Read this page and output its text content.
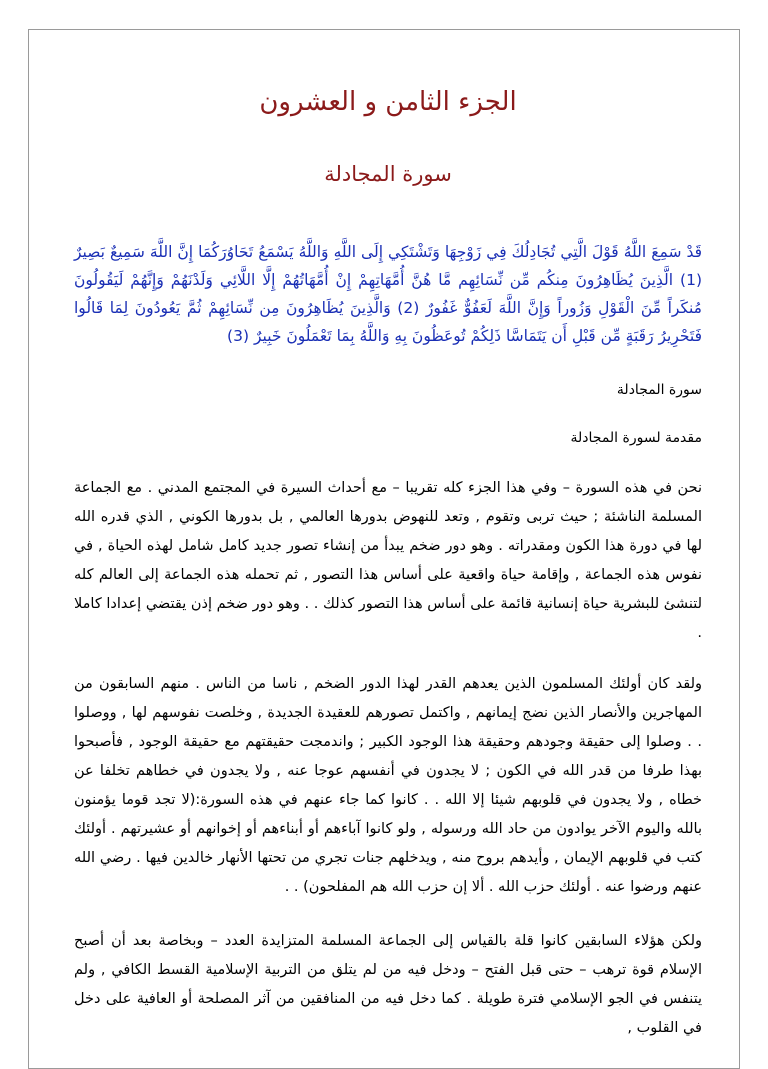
الجزء الثامن و العشرون
سورة المجادلة

قَدْ سَمِعَ اللَّهُ قَوْلَ الَّتِي تُجَادِلُكَ فِي زَوْجِهَا وَتَشْتَكِي إِلَى اللَّهِ وَاللَّهُ يَسْمَعُ تَحَاوُرَكُمَا إِنَّ اللَّهَ سَمِيعٌ بَصِيرٌ (1) الَّذِينَ يُظَاهِرُونَ مِنكُم مِّن نِّسَائِهِم مَّا هُنَّ أُمَّهَاتِهِمْ إِنْ أُمَّهَاتُهُمْ إِلَّا اللَّائِي وَلَدْنَهُمْ وَإِنَّهُمْ لَيَقُولُونَ مُنكَراً مِّنَ الْقَوْلِ وَزُوراً وَإِنَّ اللَّهَ لَعَفُوٌّ غَفُورٌ (2) وَالَّذِينَ يُظَاهِرُونَ مِن نِّسَائِهِمْ ثُمَّ يَعُودُونَ لِمَا قَالُوا فَتَحْرِيرُ رَقَبَةٍ مِّن قَبْلِ أَن يَتَمَاسَّا ذَلِكُمْ تُوعَظُونَ بِهِ وَاللَّهُ بِمَا تَعْمَلُونَ خَبِيرٌ (3)

سورة المجادلة

مقدمة لسورة المجادلة

نحن في هذه السورة – وفي هذا الجزء كله تقريبا – مع أحداث السيرة في المجتمع المدني . مع الجماعة المسلمة الناشئة ; حيث تربى وتقوم , وتعد للنهوض بدورها العالمي , بل بدورها الكوني , الذي قدره الله لها في دورة هذا الكون ومقدراته . وهو دور ضخم يبدأ من إنشاء تصور جديد كامل شامل لهذه الحياة , في نفوس هذه الجماعة , وإقامة حياة واقعية على أساس هذا التصور , ثم تحمله هذه الجماعة إلى العالم كله لتنشئ للبشرية حياة إنسانية قائمة على أساس هذا التصور كذلك . . وهو دور ضخم إذن يقتضي إعدادا كاملا .

ولقد كان أولئك المسلمون الذين يعدهم القدر لهذا الدور الضخم , ناسا من الناس . منهم السابقون من المهاجرين والأنصار الذين نضج إيمانهم , واكتمل تصورهم للعقيدة الجديدة , وخلصت نفوسهم لها , ووصلوا . . وصلوا إلى حقيقة وجودهم وحقيقة هذا الوجود الكبير ; واندمجت حقيقتهم مع حقيقة الوجود , فأصبحوا بهذا طرفا من قدر الله في الكون ; لا يجدون في أنفسهم عوجا عنه , ولا يجدون في خطاهم تخلفا عن خطاه , ولا يجدون في قلوبهم شيئا إلا الله . . كانوا كما جاء عنهم في هذه السورة:(لا تجد قوما يؤمنون بالله واليوم الآخر يوادون من حاد الله ورسوله , ولو كانوا آباءهم أو أبناءهم أو إخوانهم أو عشيرتهم . أولئك كتب في قلوبهم الإيمان , وأيدهم بروح منه , ويدخلهم جنات تجري من تحتها الأنهار خالدين فيها . رضي الله عنهم ورضوا عنه . أولئك حزب الله . ألا إن حزب الله هم المفلحون) . .

ولكن هؤلاء السابقين كانوا قلة بالقياس إلى الجماعة المسلمة المتزايدة العدد – وبخاصة بعد أن أصبح الإسلام قوة ترهب – حتى قبل الفتح – ودخل فيه من لم يتلق من التربية الإسلامية القسط الكافي , ولم يتنفس في الجو الإسلامي فترة طويلة . كما دخل فيه من المنافقين من آثر المصلحة أو العافية على دخل في القلوب ,
